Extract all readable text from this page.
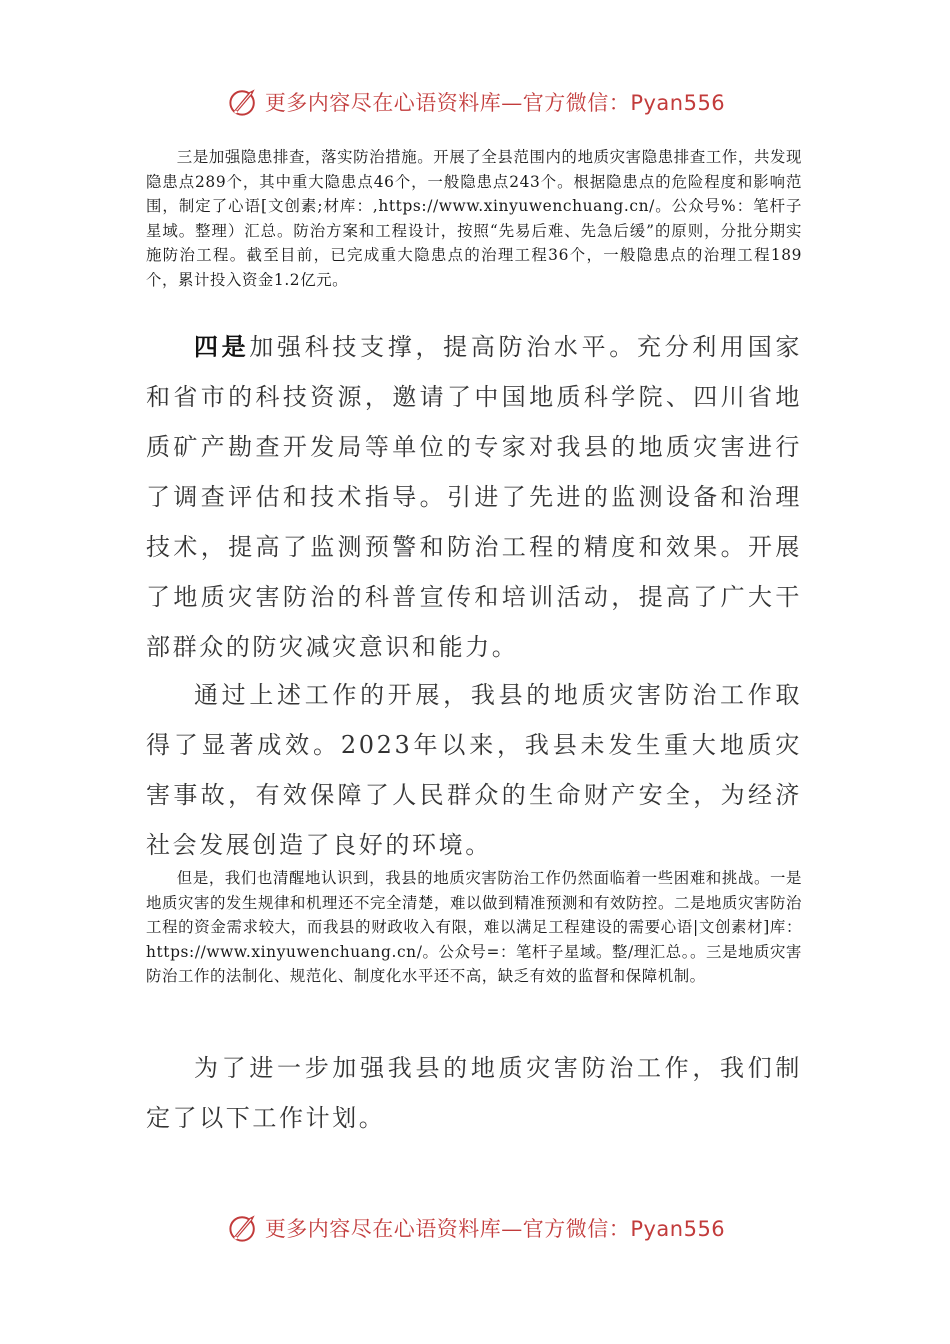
更多内容尽在心语资料库—官方微信：Pyan556

三是加强隐患排查，落实防治措施。开展了全县范围内的地质灾害隐患排查工作，共发现隐患点289个，其中重大隐患点46个，一般隐患点243个。根据隐患点的危险程度和影响范围，制定了心语[文创素;材库：,https://www.xinyuwenchuang.cn/。公众号%：笔杆子星域。整理）汇总。防治方案和工程设计，按照“先易后难、先急后缓”的原则，分批分期实施防治工程。截至目前，已完成重大隐患点的治理工程36个，一般隐患点的治理工程189个，累计投入资金1.2亿元。

四是加强科技支撑，提高防治水平。充分利用国家和省市的科技资源，邀请了中国地质科学院、四川省地质矿产勘查开发局等单位的专家对我县的地质灾害进行了调查评估和技术指导。引进了先进的监测设备和治理技术，提高了监测预警和防治工程的精度和效果。开展了地质灾害防治的科普宣传和培训活动，提高了广大干部群众的防灾减灾意识和能力。

通过上述工作的开展，我县的地质灾害防治工作取得了显著成效。2023年以来，我县未发生重大地质灾害事故，有效保障了人民群众的生命财产安全，为经济社会发展创造了良好的环境。

但是，我们也清醒地认识到，我县的地质灾害防治工作仍然面临着一些困难和挑战。一是地质灾害的发生规律和机理还不完全清楚，难以做到精准预测和有效防控。二是地质灾害防治工程的资金需求较大，而我县的财政收入有限，难以满足工程建设的需要心语|文创素材]库：https://www.xinyuwenchuang.cn/。公众号=：笔杆子星域。整/理汇总。。三是地质灾害防治工作的法制化、规范化、制度化水平还不高，缺乏有效的监督和保障机制。

为了进一步加强我县的地质灾害防治工作，我们制定了以下工作计划。

更多内容尽在心语资料库—官方微信：Pyan556
